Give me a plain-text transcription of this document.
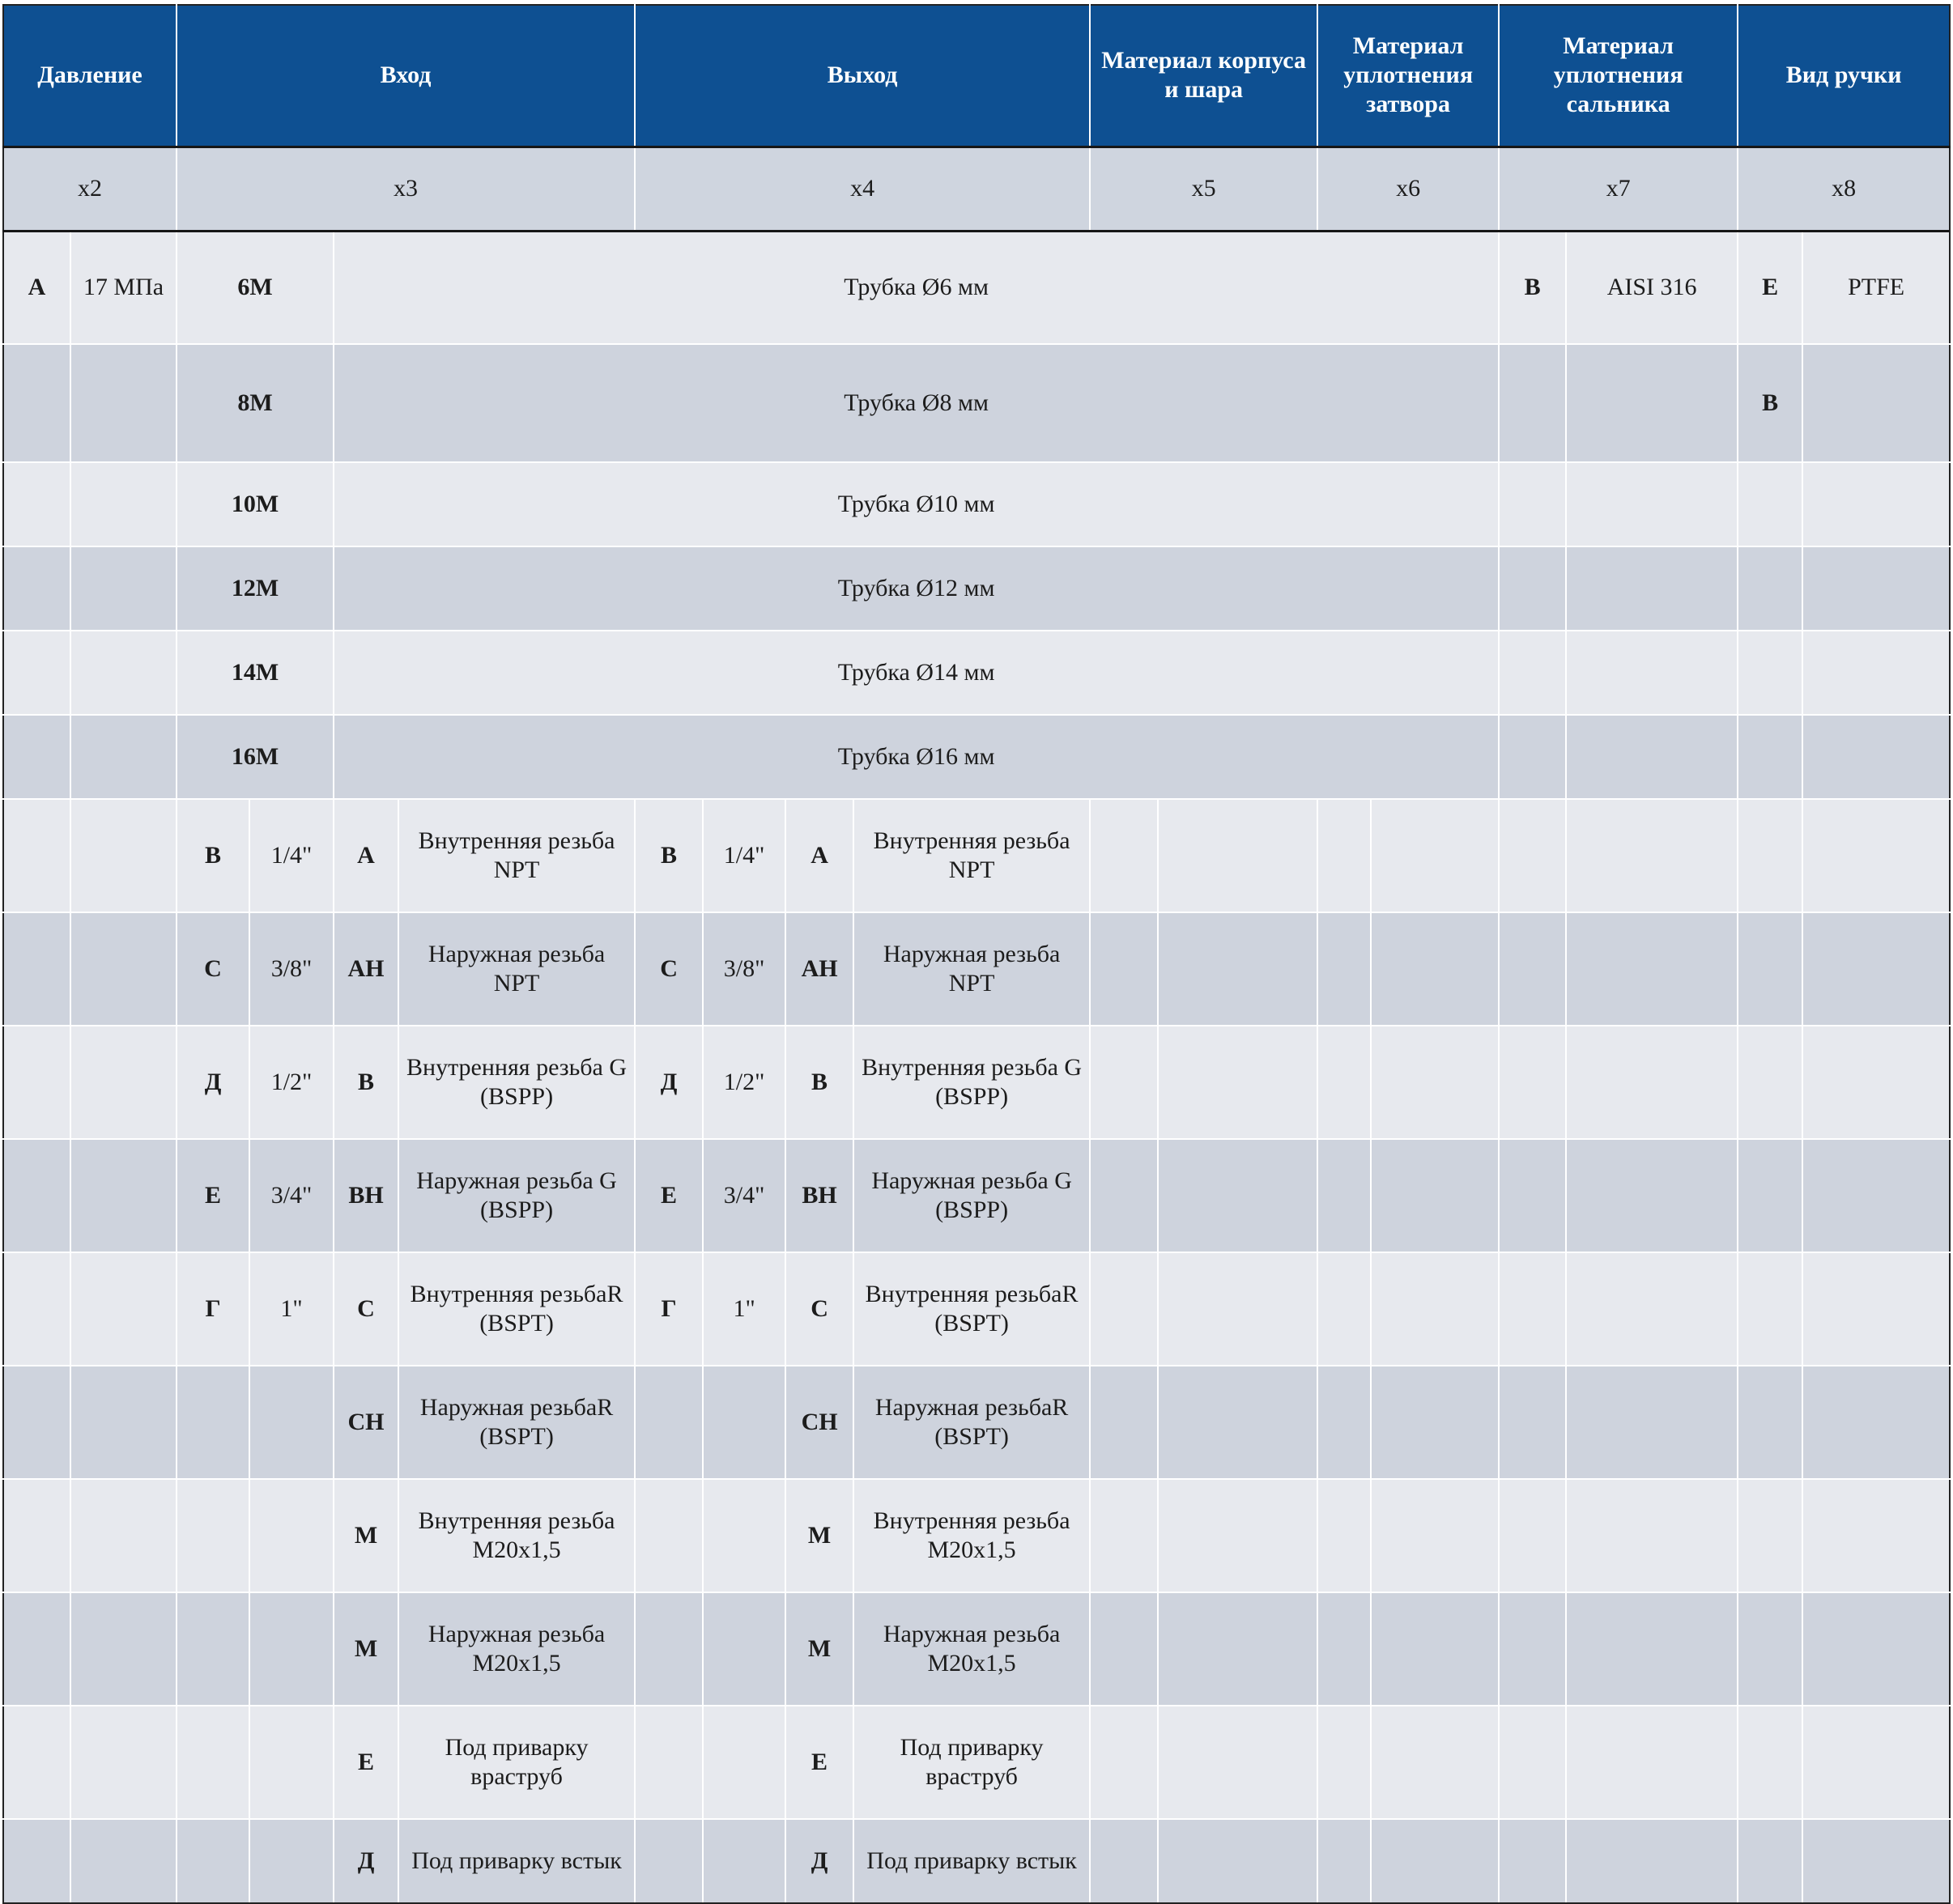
Давление		Вход				Выход				Материал корпуса и шара		Материал уплотнения затвора		Материал уплотнения сальника		Вид ручки		
x2		x3				x4				x5		x6		x7		x8		
A	17 МПа	6M		Трубка Ø6 мм										B	AISI 316	E	PTFE				
		8M		Трубка Ø8 мм												B					
		10M		Трубка Ø10 мм														
		12M		Трубка Ø12 мм														
		14M		Трубка Ø14 мм														
		16M		Трубка Ø16 мм														
		B	1/4"	A	Внутренняя резьба NPT	B	1/4"	A	Внутренняя резьба NPT									
		C	3/8"	AH	Наружная резьба NPT	C	3/8"	AH	Наружная резьба NPT									
		Д	1/2"	B	Внутренняя резьба G (BSPP)	Д	1/2"	B	Внутренняя резьба G (BSPP)									
		E	3/4"	BH	Наружная резьба G (BSPP)	E	3/4"	BH	Наружная резьба G (BSPP)									
		Г	1"	C	Внутренняя резьбаR (BSPT)	Г	1"	C	Внутренняя резьбаR (BSPT)									
				CH	Наружная резьбаR (BSPT)			CH	Наружная резьбаR (BSPT)									
				M	Внутренняя резьба M20x1,5			M	Внутренняя резьба M20x1,5									
				M	Наружная резьба M20x1,5			M	Наружная резьба M20x1,5									
				E	Под приварку враструб			E	Под приварку враструб									
				Д	Под приварку встык			Д	Под приварку встык									
